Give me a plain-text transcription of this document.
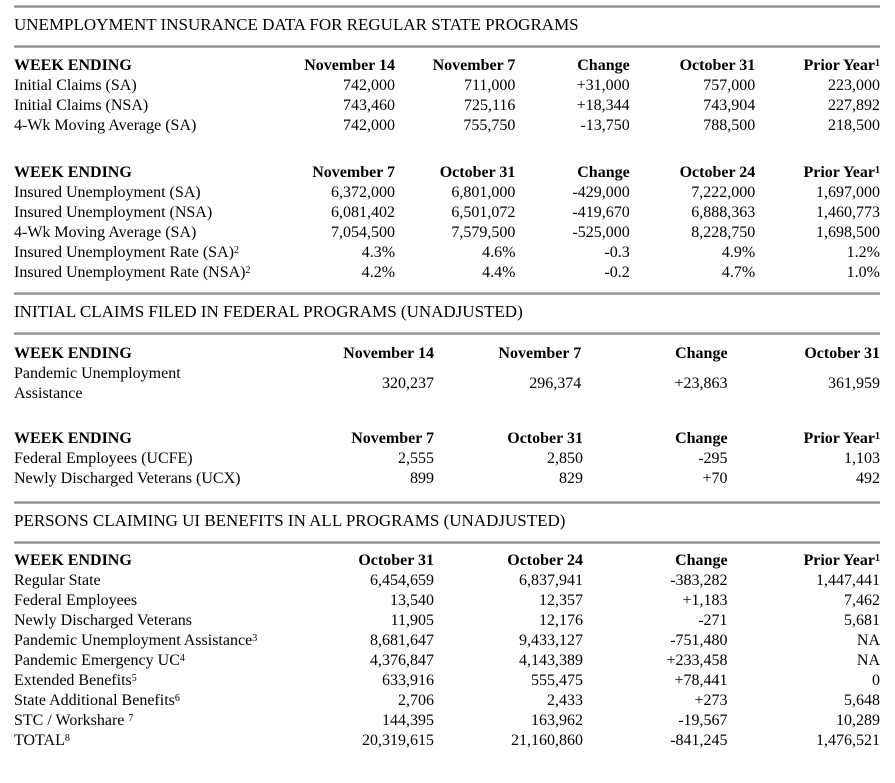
UNEMPLOYMENT INSURANCE DATA FOR REGULAR STATE PROGRAMS
WEEK ENDING	November 14	November 7	Change	October 31	Prior Year$^1$
Initial Claims (SA)	742,000	711,000	+31,000	757,000	223,000
Initial Claims (NSA)	743,460	725,116	+18,344	743,904	227,892
4-Wk Moving Average (SA)	742,000	755,750	-13,750	788,500	218,500
WEEK ENDING	November 7	October 31	Change	October 24	Prior Year$^1$
Insured Unemployment (SA)	6,372,000	6,801,000	-429,000	7,222,000	1,697,000
Insured Unemployment (NSA)	6,081,402	6,501,072	-419,670	6,888,363	1,460,773
4-Wk Moving Average (SA)	7,054,500	7,579,500	-525,000	8,228,750	1,698,500
Insured Unemployment Rate (SA)$^2$	4.3%	4.6%	-0.3	4.9%	1.2%
Insured Unemployment Rate (NSA)$^2$	4.2%	4.4%	-0.2	4.7%	1.0%
INITIAL CLAIMS FILED IN FEDERAL PROGRAMS (UNADJUSTED)
WEEK ENDING	November 14	November 7	Change	October 31
Pandemic Unemployment Assistance	320,237	296,374	+23,863	361,959
WEEK ENDING	November 7	October 31	Change	Prior Year$^1$
Federal Employees (UCFE)	2,555	2,850	-295	1,103
Newly Discharged Veterans (UCX)	899	829	+70	492
PERSONS CLAIMING UI BENEFITS IN ALL PROGRAMS (UNADJUSTED)
WEEK ENDING	October 31	October 24	Change	Prior Year$^1$
Regular State	6,454,659	6,837,941	-383,282	1,447,441
Federal Employees	13,540	12,357	+1,183	7,462
Newly Discharged Veterans	11,905	12,176	-271	5,681
Pandemic Unemployment Assistance$^3$	8,681,647	9,433,127	-751,480	NA
Pandemic Emergency $UC^4$	4,376,847	4,143,389	+233,458	NA
Extended Benefits$^5$	633,916	555,475	+78,441	0
State Additional Benefits$^6$	2,706	2,433	+273	5,648
STC / Workshare $^7$	144,395	163,962	-19,567	10,289
TOTAL$^8$	20,319,615	21,160,860	-841,245	1,476,521
